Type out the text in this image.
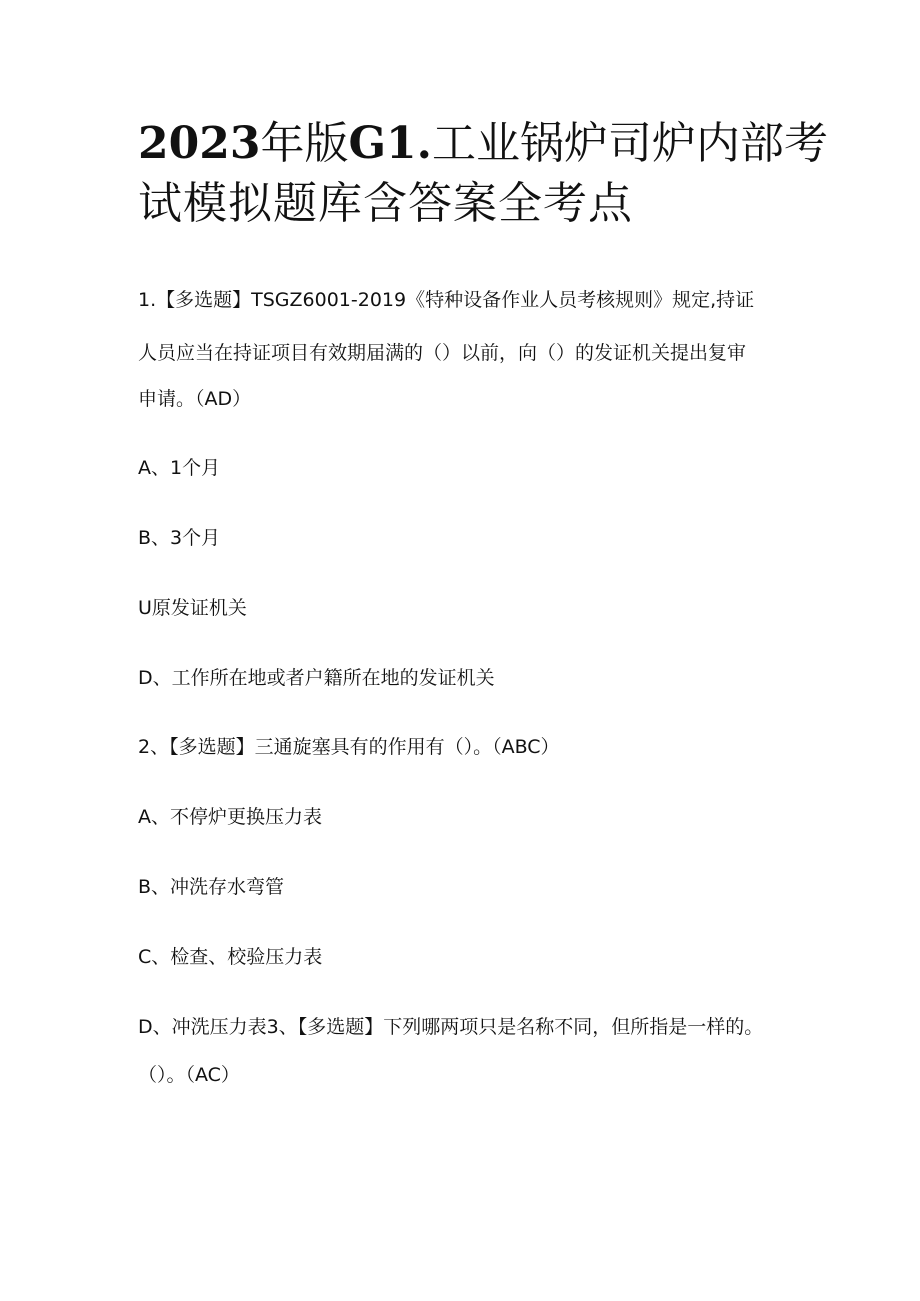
2023年版G1.工业锅炉司炉内部考
试模拟题库含答案全考点
1.【多选题】TSGZ6001-2019《特种设备作业人员考核规则》规定,持证
人员应当在持证项目有效期届满的（）以前，向（）的发证机关提出复审
申请。（AD）
A、1个月
B、3个月
U原发证机关
D、工作所在地或者户籍所在地的发证机关
2、【多选题】三通旋塞具有的作用有（）。（ABC）
A、不停炉更换压力表
B、冲洗存水弯管
C、检查、校验压力表
D、冲洗压力表3、【多选题】下列哪两项只是名称不同，但所指是一样的。
（）。（AC）
